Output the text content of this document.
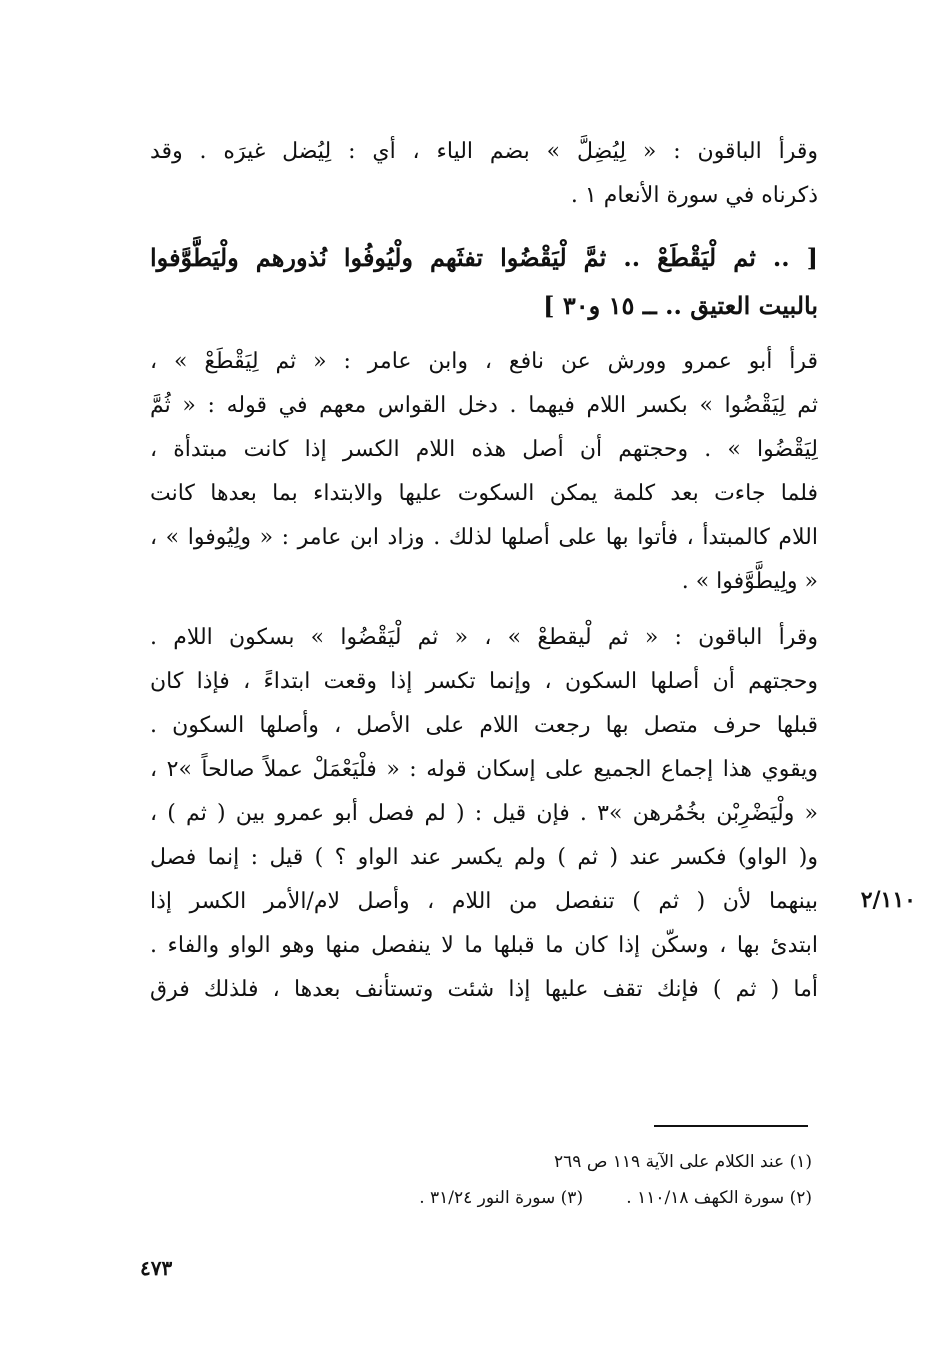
وقرأ الباقون : « لِيُضِلَّ » بضم الياء ، أي : لِيُضل غيرَه . وقد
ذكرناه في سورة الأنعام ١ .
[ .. ثم لْيَقْطَعْ .. ثمَّ لْيَقْضُوا تفثَهم ولْيُوفُوا نُذورهم ولْيَطَّوَّفوا
بالبيت العتيق .. ــ ١٥ و٣٠ ]
قرأ أبو عمرو وورش عن نافع ، وابن عامر : « ثم لِيَقْطَعْ » ،
ثم لِيَقْضُوا » بكسر اللام فيهما . دخل القواس معهم في قوله : « ثُمَّ
لِيَقْضُوا » . وحجتهم أن أصل هذه اللام الكسر إذا كانت مبتدأة ،
فلما جاءت بعد كلمة يمكن السكوت عليها والابتداء بما بعدها كانت
اللام كالمبتدأ ، فأتوا بها على أصلها لذلك . وزاد ابن عامر : « ولِيُوفوا » ،
« ولِيطَّوَّفوا » .
وقرأ الباقون : « ثم لْيقطعْ » ، « ثم لْيَقْضُوا » بسكون اللام .
وحجتهم أن أصلها السكون ، وإنما تكسر إذا وقعت ابتداءً ، فإذا كان
قبلها حرف متصل بها رجعت اللام على الأصل ، وأصلها السكون .
ويقوي هذا إجماع الجميع على إسكان قوله : « فلْيَعْمَلْ عملاً صالحاً »٢ ،
« ولْيَضْرِبْن بخُمُرهن »٣ . فإن قيل : ( لم فصل أبو عمرو بين ( ثم ) ،
و( الواو) فكسر عند ( ثم ) ولم يكسر عند الواو ؟ ) قيل : إنما فصل
بينهما لأن ( ثم ) تنفصل من اللام ، وأصل لام/الأمر الكسر إذا
ابتدئ بها ، وسكّن إذا كان ما قبلها ما لا ينفصل منها وهو الواو والفاء .
أما ( ثم ) فإنك تقف عليها إذا شئت وتستأنف بعدها ، فلذلك فرق
٢/١١٠
(١) عند الكلام على الآية ١١٩ ص ٢٦٩
(٢) سورة الكهف ١١٠/١٨ .        (٣) سورة النور ٣١/٢٤ .
٤٧٣
